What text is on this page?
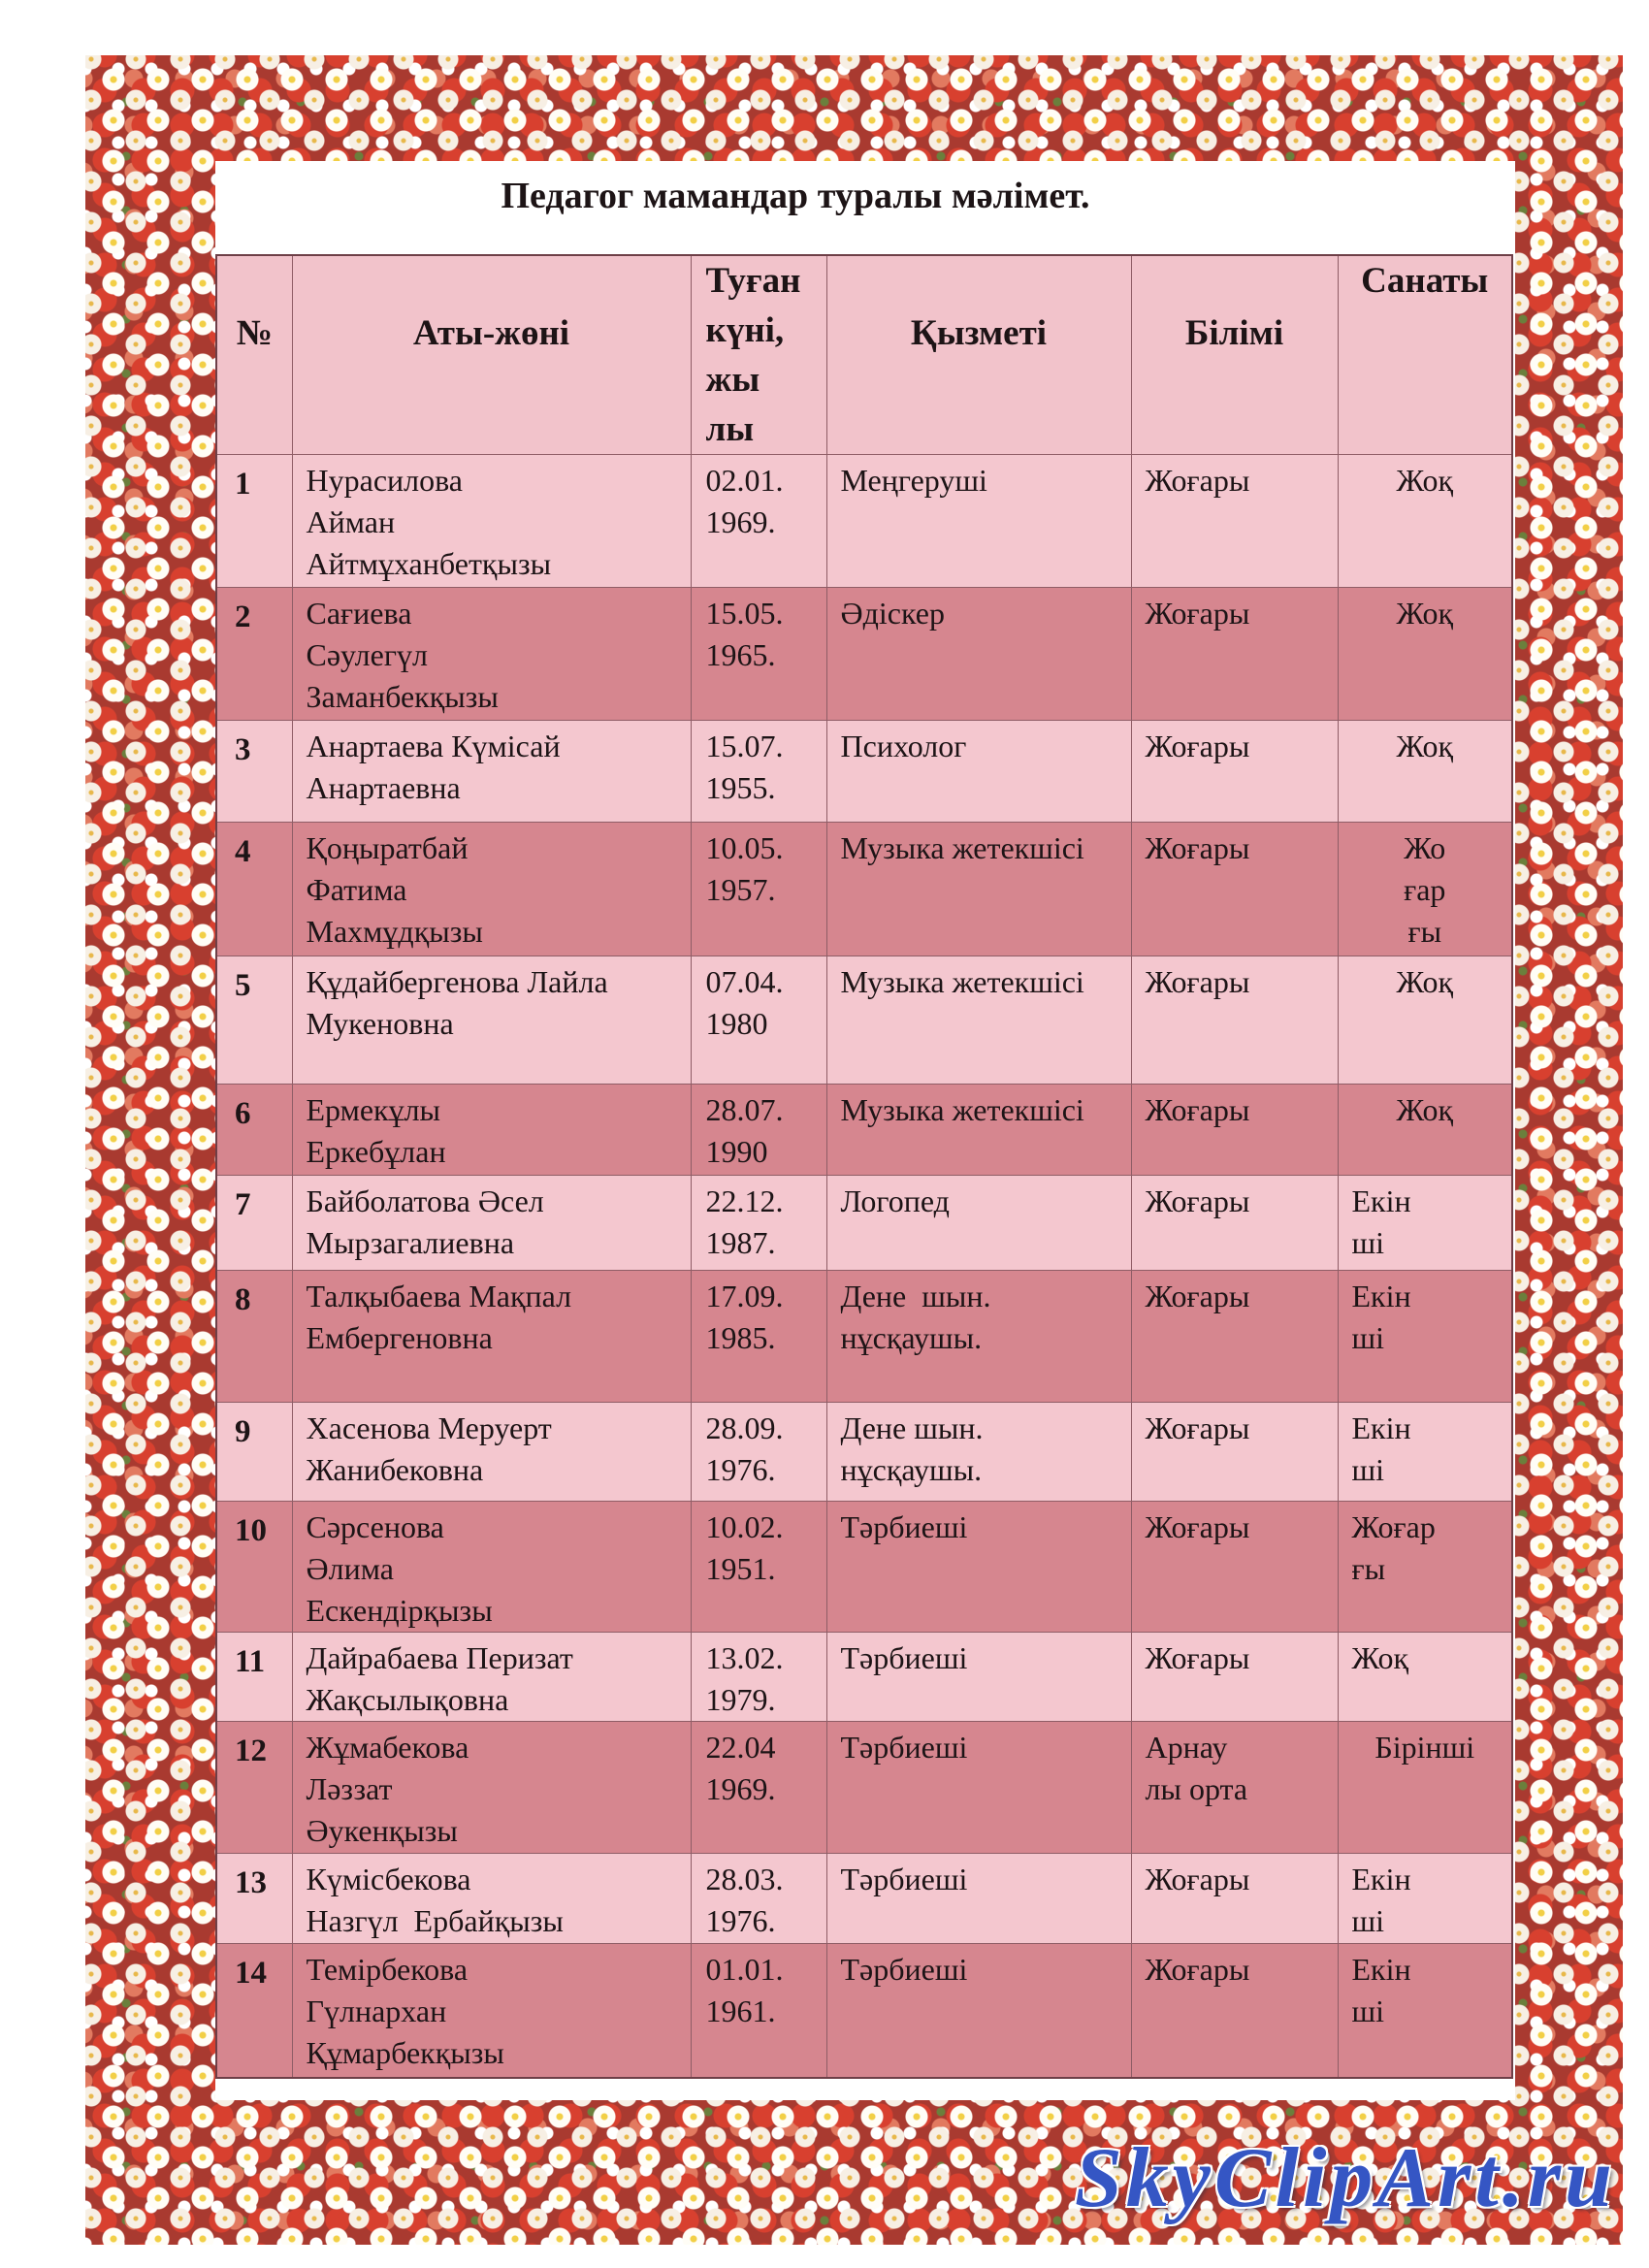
Педагог мамандар туралы мәлімет.
№	Аты-жөні	Туған
күні,
жы
лы	Қызметі	Білімі	Санаты
1	Нурасилова
Айман
Айтмұханбетқызы	02.01.
1969.	Меңгеруші	Жоғары	Жоқ
2	Сағиева
Сәулегүл
Заманбекқызы	15.05.
1965.	Әдіскер	Жоғары	Жоқ
3	Анартаева Күмісай
Анартаевна	15.07.
1955.	Психолог	Жоғары	Жоқ
4	Қоңыратбай
Фатима
Махмұдқызы	10.05.
1957.	Музыка жетекшісі	Жоғары	Жо
ғар
ғы
5	Құдайбергенова Лайла
Мукеновна	07.04.
1980	Музыка жетекшісі	Жоғары	Жоқ
6	Ермекұлы
Еркебұлан	28.07.
1990	Музыка жетекшісі	Жоғары	Жоқ
7	Байболатова Әсел
Мырзагалиевна	22.12.
1987.	Логопед	Жоғары	Екін
ші
8	Талқыбаева Мақпал
Ембергеновна	17.09.
1985.	Дене  шын.
нұсқаушы.	Жоғары	Екін
ші
9	Хасенова Меруерт
Жанибековна	28.09.
1976.	Дене шын.
нұсқаушы.	Жоғары	Екін
ші
10	Сәрсенова
Әлима
Ескендірқызы	10.02.
1951.	Тәрбиеші	Жоғары	Жоғар
ғы
11	Дайрабаева Перизат
Жақсылықовна	13.02.
1979.	Тәрбиеші	Жоғары	Жоқ
12	Жұмабекова
Ләззат
Әукенқызы	22.04
1969.	Тәрбиеші	Арнау
лы орта	Бірінші
13	Күмісбекова
Назгүл  Ербайқызы	28.03.
1976.	Тәрбиеші	Жоғары	Екін
ші
14	Темірбекова
Гүлнархан
Құмарбекқызы	01.01.
1961.	Тәрбиеші	Жоғары	Екін
ші
SkyClipArt.ru
